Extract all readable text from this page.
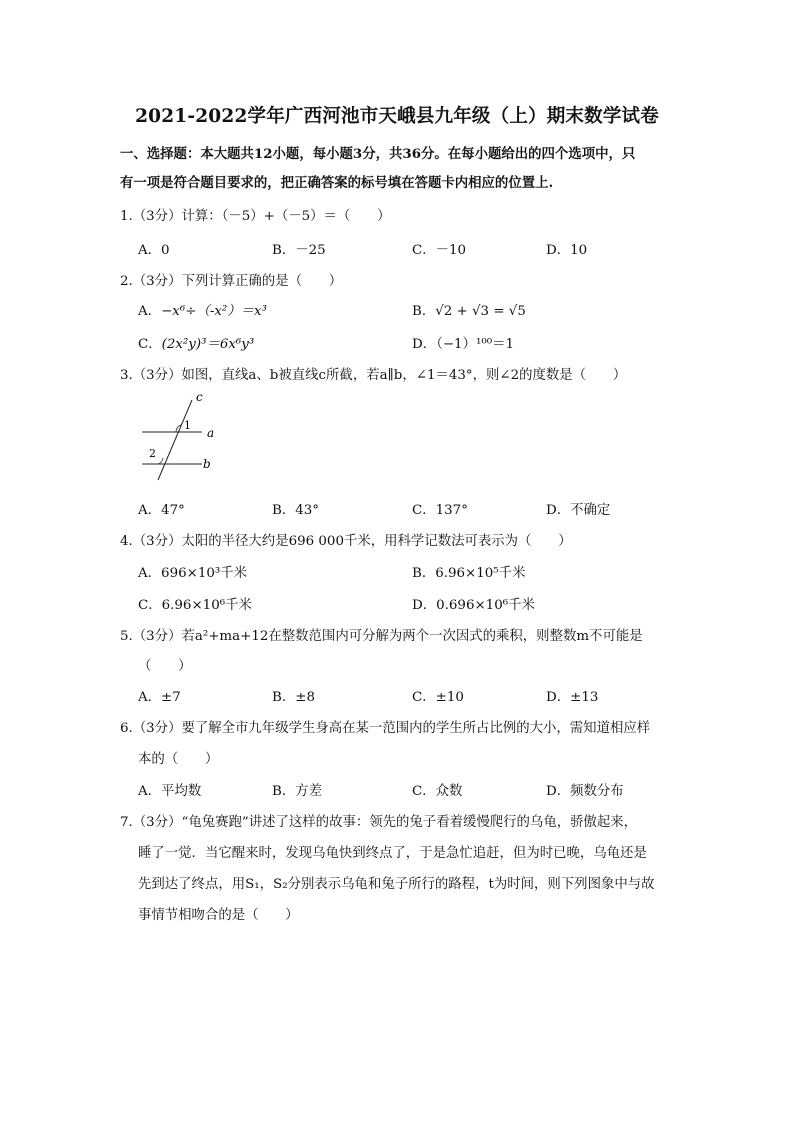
2021-2022学年广西河池市天峨县九年级（上）期末数学试卷
一、选择题：本大题共12小题，每小题3分，共36分。在每小题给出的四个选项中，只
有一项是符合题目要求的，把正确答案的标号填在答题卡内相应的位置上.
1.（3分）计算：（－5）+（－5）＝（　　）
A．0	B．－25	C．－10	D．10
2.（3分）下列计算正确的是（　　）
A．−x⁶÷（-x²）＝x³	B．√2 + √3 = √5
C．(2x²y)³＝6x⁶y³	D．（−1）¹⁰⁰＝1
3.（3分）如图，直线a、b被直线c所截，若a∥b，∠1＝43°，则∠2的度数是（　　）
c
a
b
1
2
A．47°	B．43°	C．137°	D．不确定
4.（3分）太阳的半径大约是696 000千米，用科学记数法可表示为（　　）
A．696×10³千米	B．6.96×10⁵千米
C．6.96×10⁶千米	D．0.696×10⁶千米
5.（3分）若a²+ma+12在整数范围内可分解为两个一次因式的乘积，则整数m不可能是
（　　）
A．±7	B．±8	C．±10	D．±13
6.（3分）要了解全市九年级学生身高在某一范围内的学生所占比例的大小，需知道相应样
本的（　　）
A．平均数	B．方差	C．众数	D．频数分布
7.（3分）“龟兔赛跑”讲述了这样的故事：领先的兔子看着缓慢爬行的乌龟，骄傲起来，
睡了一觉．当它醒来时，发现乌龟快到终点了，于是急忙追赶，但为时已晚，乌龟还是
先到达了终点，用S₁，S₂分别表示乌龟和兔子所行的路程，t为时间，则下列图象中与故
事情节相吻合的是（　　）
